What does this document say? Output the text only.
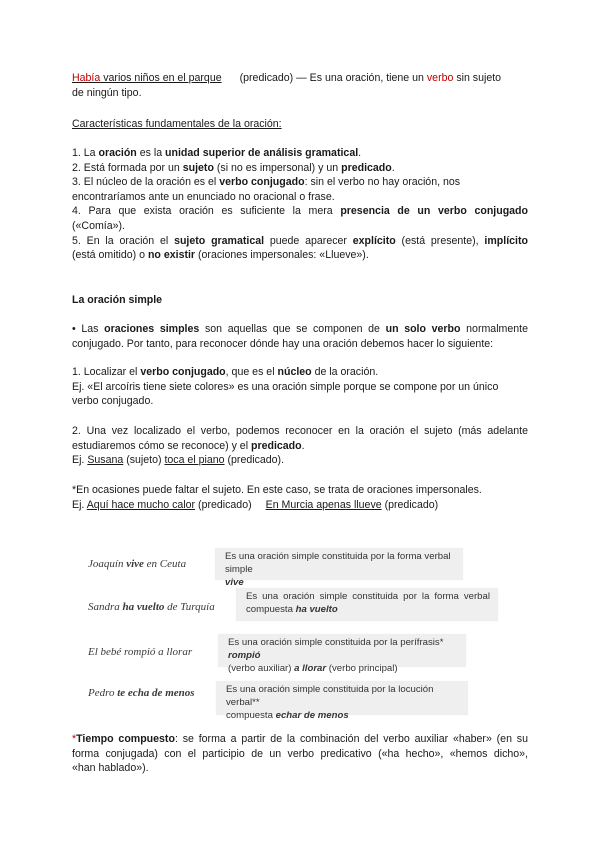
Había varios niños en el parque (predicado) — Es una oración, tiene un verbo sin sujeto
de ningún tipo.
Características fundamentales de la oración:
1. La oración es la unidad superior de análisis gramatical.
2. Está formada por un sujeto (si no es impersonal) y un predicado.
3. El núcleo de la oración es el verbo conjugado: sin el verbo no hay oración, nos
encontraríamos ante un enunciado no oracional o frase.
4. Para que exista oración es suficiente la mera presencia de un verbo conjugado
(«Comía»).
5. En la oración el sujeto gramatical puede aparecer explícito (está presente), implícito
(está omitido) o no existir (oraciones impersonales: «Llueve»).
La oración simple
• Las oraciones simples son aquellas que se componen de un solo verbo normalmente
conjugado. Por tanto, para reconocer dónde hay una oración debemos hacer lo siguiente:
1. Localizar el verbo conjugado, que es el núcleo de la oración.
Ej. «El arcoíris tiene siete colores» es una oración simple porque se compone por un único
verbo conjugado.
2. Una vez localizado el verbo, podemos reconocer en la oración el sujeto (más adelante
estudiaremos cómo se reconoce) y el predicado.
Ej. Susana (sujeto) toca el piano (predicado).
*En ocasiones puede faltar el sujeto. En este caso, se trata de oraciones impersonales.
Ej. Aquí hace mucho calor (predicado) En Murcia apenas llueve (predicado)
Joaquín vive en Ceuta
Es una oración simple constituida por la forma verbal simple
vive
Sandra ha vuelto de Turquía
Es una oración simple constituida por la forma verbal
compuesta ha vuelto
El bebé rompió a llorar
Es una oración simple constituida por la perífrasis* rompió
(verbo auxiliar) a llorar (verbo principal)
Pedro te echa de menos	Es una oración simple constituida por la locución verbal**
compuesta echar de menos
*Tiempo compuesto: se forma a partir de la combinación del verbo auxiliar «haber» (en su
forma conjugada) con el participio de un verbo predicativo («ha hecho», «hemos dicho»,
«han hablado»).
